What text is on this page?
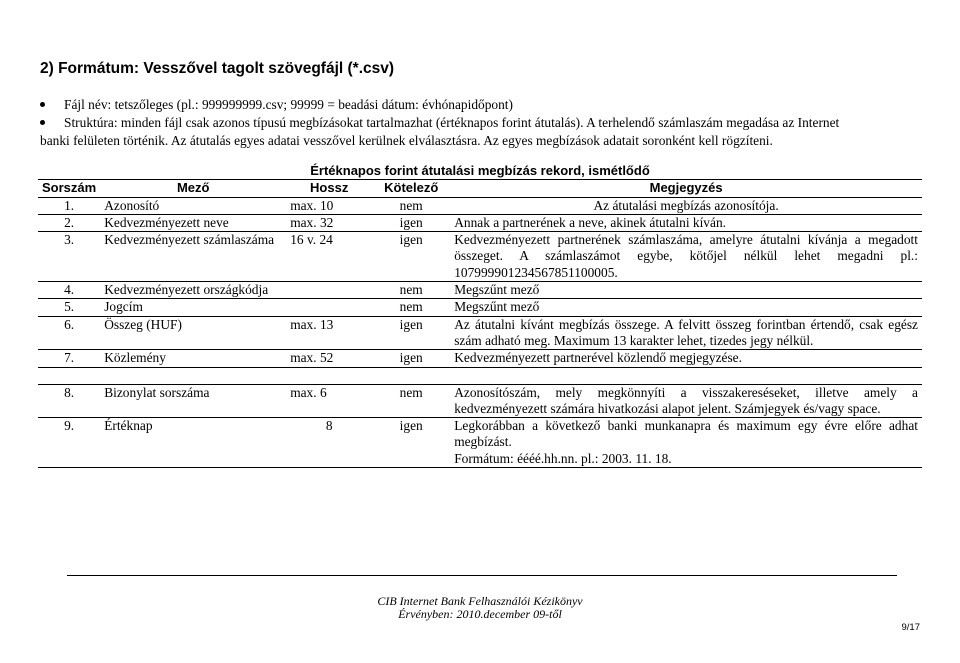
2) Formátum: Vesszővel tagolt szövegfájl (*.csv)
Fájl név: tetszőleges (pl.: 999999999.csv; 99999 = beadási dátum: évhónapidőpont)
Struktúra: minden fájl csak azonos típusú megbízásokat tartalmazhat (értéknapos forint átutalás). A terhelendő számlaszám megadása az Internet
banki felületen történik. Az átutalás egyes adatai vesszővel kerülnek elválasztásra. Az egyes megbízások adatait soronként kell rögzíteni.
Értéknapos forint átutalási megbízás rekord, ismétlődő				
Sorszám	Mező	Hossz	Kötelező	Megjegyzés
1.	Azonosító	max. 10	nem	Az átutalási megbízás azonosítója.
2.	Kedvezményezett neve	max. 32	igen	Annak a partnerének a neve, akinek átutalni kíván.
3.	Kedvezményezett számlaszáma	16 v. 24	igen	Kedvezményezett partnerének számlaszáma, amelyre átutalni kívánja a megadott összeget. A számlaszámot egybe, kötőjel nélkül lehet megadni pl.: 107999901234567851100005.
4.	Kedvezményezett országkódja		nem	Megszűnt mező
5.	Jogcím		nem	Megszűnt mező
6.	Összeg (HUF)	max. 13	igen	Az átutalni kívánt megbízás összege. A felvitt összeg forintban értendő, csak egész szám adható meg. Maximum 13 karakter lehet, tizedes jegy nélkül.
7.	Közlemény	max. 52	igen	Kedvezményezett partnerével közlendő megjegyzése.

8.	Bizonylat sorszáma	max. 6	nem	Azonosítószám, mely megkönnyíti a visszakereséseket, illetve amely a kedvezményezett számára hivatkozási alapot jelent. Számjegyek és/vagy space.
9.	Értéknap	8	igen	Legkorábban a következő banki munkanapra és maximum egy évre előre adhat megbízást.
Formátum: éééé.hh.nn. pl.: 2003. 11. 18.
CIB Internet Bank Felhasználói Kézikönyv
Érvényben: 2010.december 09-től
9/17
